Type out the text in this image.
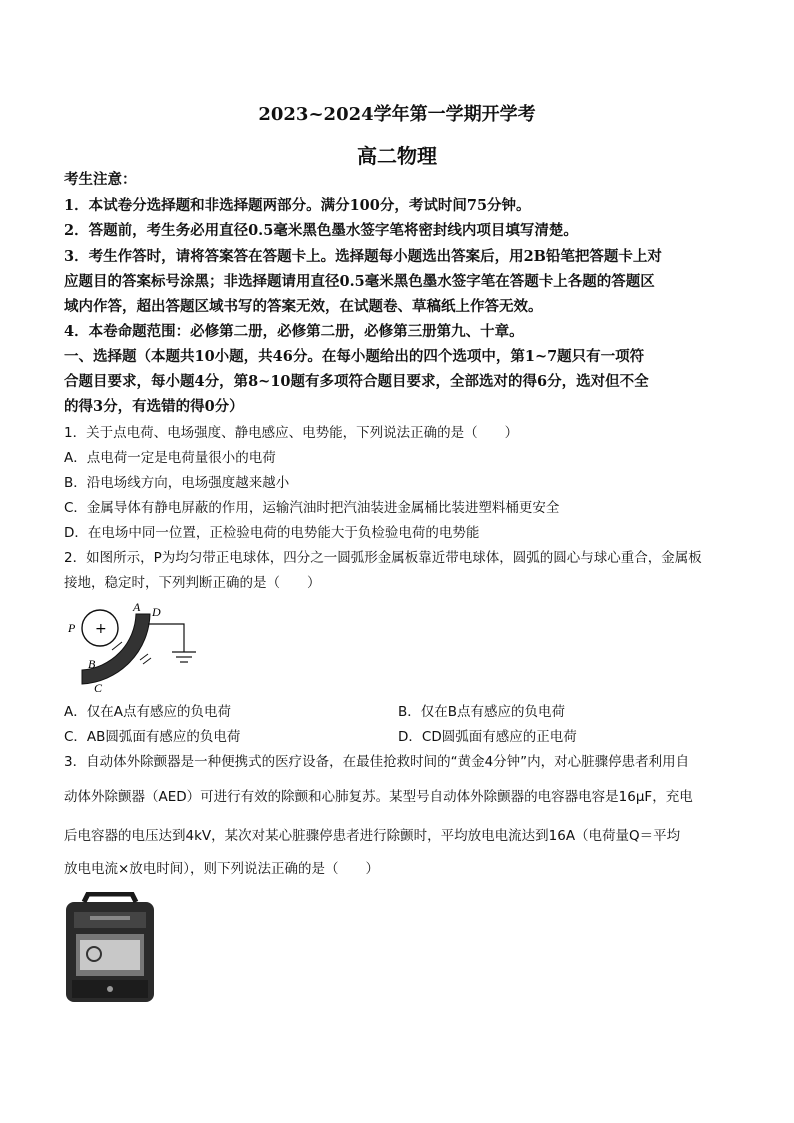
2023~2024学年第一学期开学考
高二物理
考生注意：
1．本试卷分选择题和非选择题两部分。满分100分，考试时间75分钟。
2．答题前，考生务必用直径0.5毫米黑色墨水签字笔将密封线内项目填写清楚。
3．考生作答时，请将答案答在答题卡上。选择题每小题选出答案后，用2B铅笔把答题卡上对
应题目的答案标号涂黑；非选择题请用直径0.5毫米黑色墨水签字笔在答题卡上各题的答题区
域内作答，超出答题区域书写的答案无效，在试题卷、草稿纸上作答无效。
4．本卷命题范围：必修第二册，必修第二册，必修第三册第九、十章。
一、选择题（本题共10小题，共46分。在每小题给出的四个选项中，第1~7题只有一项符
合题目要求，每小题4分，第8~10题有多项符合题目要求，全部选对的得6分，选对但不全
的得3分，有选错的得0分）
1．关于点电荷、电场强度、静电感应、电势能，下列说法正确的是（　　）
A．点电荷一定是电荷量很小的电荷
B．沿电场线方向，电场强度越来越小
C．金属导体有静电屏蔽的作用，运输汽油时把汽油装进金属桶比装进塑料桶更安全
D．在电场中同一位置，正检验电荷的电势能大于负检验电荷的电势能
2．如图所示，P为均匀带正电球体，四分之一圆弧形金属板靠近带电球体，圆弧的圆心与球心重合，金属板
接地，稳定时，下列判断正确的是（　　）
P +
A D
B
C
A．仅在A点有感应的负电荷	B．仅在B点有感应的负电荷
C．AB圆弧面有感应的负电荷	D．CD圆弧面有感应的正电荷
3．自动体外除颤器是一种便携式的医疗设备，在最佳抢救时间的“黄金4分钟”内，对心脏骤停患者利用自
动体外除颤器（AED）可进行有效的除颤和心肺复苏。某型号自动体外除颤器的电容器电容是16μF，充电
后电容器的电压达到4kV，某次对某心脏骤停患者进行除颤时，平均放电电流达到16A（电荷量Q＝平均
放电电流×放电时间），则下列说法正确的是（　　）
